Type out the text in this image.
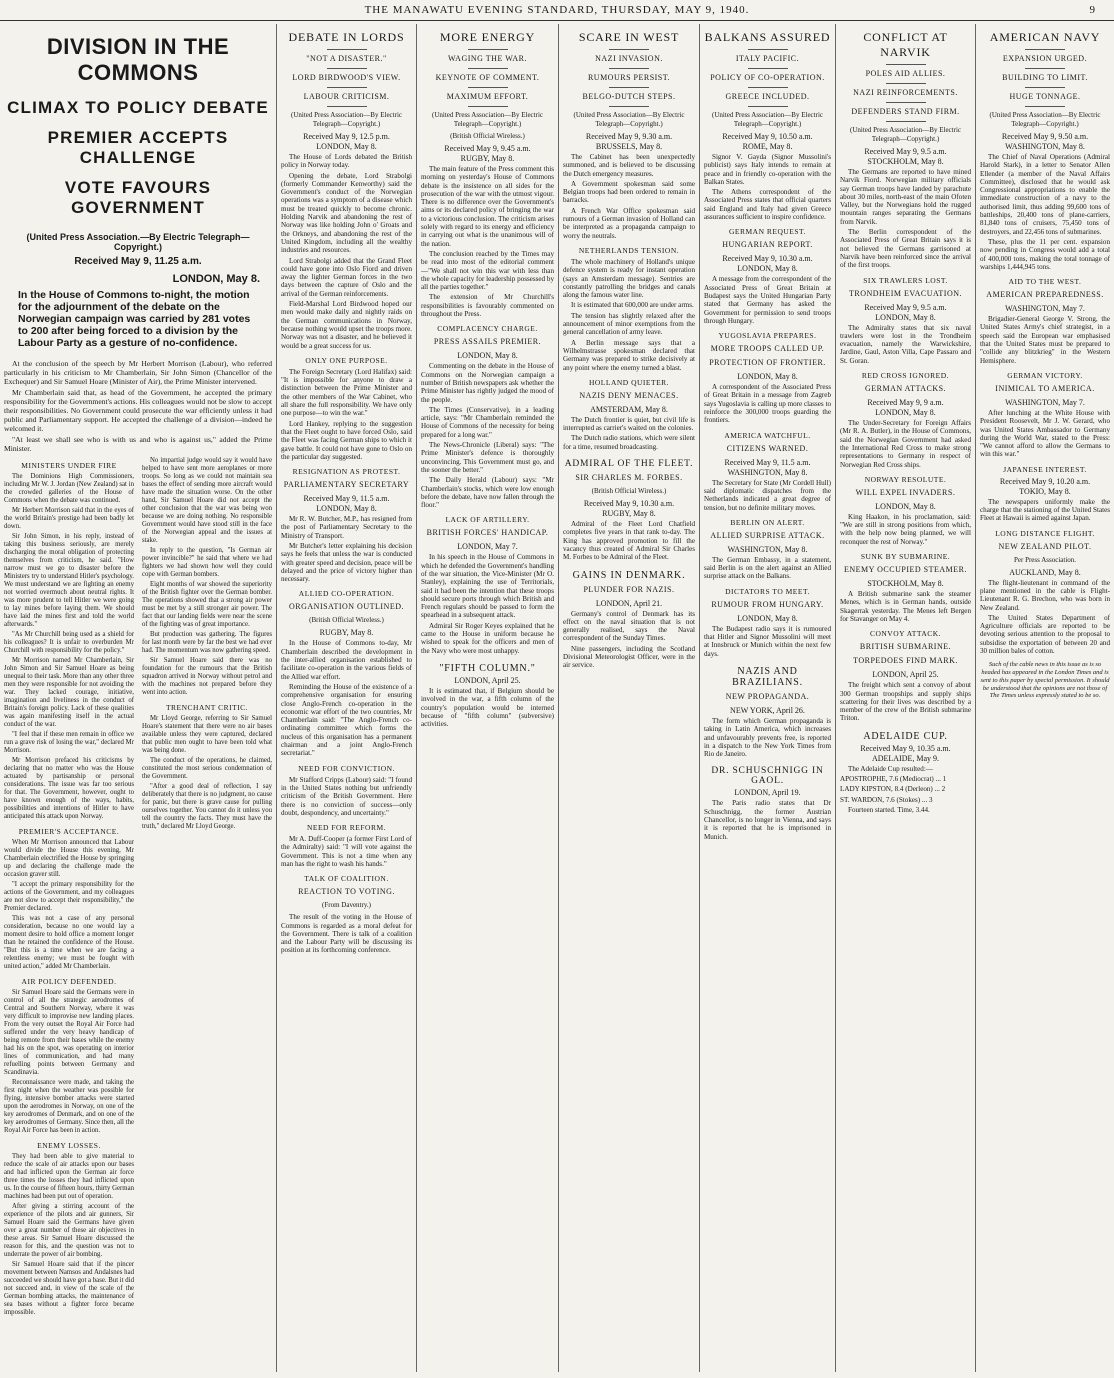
THE MANAWATU EVENING STANDARD, THURSDAY, MAY 9, 1940.	9
DIVISION IN THE COMMONS
CLIMAX TO POLICY DEBATE
PREMIER ACCEPTS CHALLENGE
VOTE FAVOURS GOVERNMENT
(United Press Association.—By Electric Telegraph—Copyright.)
Received May 9, 11.25 a.m.
LONDON, May 8.
In the House of Commons to-night, the motion for the adjournment of the debate on the Norwegian campaign was carried by 281 votes to 200 after being forced to a division by the Labour Party as a gesture of no-confidence.

At the conclusion of the speech by Mr Herbert Morrison (Labour), who referred particularly in his criticism to Mr Chamberlain, Sir John Simon (Chancellor of the Exchequer) and Sir Samuel Hoare (Minister of Air), the Prime Minister intervened.

Mr Chamberlain said that, as head of the Government, he accepted the primary responsibility for the Government's actions. His colleagues would not be slow to accept their responsibilities. No Government could prosecute the war efficiently unless it had public and Parliamentary support. He accepted the challenge of a division—indeed he welcomed it.

"At least we shall see who is with us and who is against us," added the Prime Minister.

MINISTERS UNDER FIRE

The Dominions High Commissioners, including Mr W. J. Jordan (New Zealand) sat in the crowded galleries of the House of Commons when the debate was continued.

Mr Herbert Morrison said that in the eyes of the world Britain's prestige had been badly let down.

Sir John Simon, in his reply, instead of taking this business seriously, are merely discharging the moral obligation of protecting themselves from criticism, he said. "How narrow must we go to disaster before the Ministers try to understand Hitler's psychology. We must understand we are fighting an enemy not worried overmuch about neutral rights. It was more prudent to tell Hitler we were going to lay mines before laying them. We should have laid the mines first and told the world afterwards."

"As Mr Churchill being used as a shield for his colleagues? It is unfair to overburden Mr Churchill with responsibility for the policy."

Mr Morrison named Mr Chamberlain, Sir John Simon and Sir Samuel Hoare as being unequal to their task. More than any other three men they were responsible for not avoiding the war. They lacked courage, initiative, imagination and liveliness in the conduct of Britain's foreign policy. Lack of these qualities was again manifesting itself in the actual conduct of the war.

"I feel that if these men remain in office we run a grave risk of losing the war," declared Mr Morrison.

Mr Morrison prefaced his criticisms by declaring that no matter who was the House actuated by partisanship or personal considerations. The issue was far too serious for that. The Government, however, ought to have known enough of the ways, habits, possibilities and intentions of Hitler to have anticipated this attack upon Norway.

PREMIER'S ACCEPTANCE.

When Mr Morrison announced that Labour would divide the House this evening, Mr Chamberlain electrified the House by springing up and declaring the challenge made the occasion graver still.

"I accept the primary responsibility for the actions of the Government, and my colleagues are not slow to accept their responsibility," the Premier declared.

This was not a case of any personal consideration, because no one would lay a moment desire to hold office a moment longer than he retained the confidence of the House. "But this is a time when we are facing a relentless enemy; we must be fought with united action," added Mr Chamberlain.

AIR POLICY DEFENDED.

Sir Samuel Hoare said the Germans were in control of all the strategic aerodromes of Central and Southern Norway, where it was very difficult to improvise new landing places. From the very outset the Royal Air Force had suffered under the very heavy handicap of being remote from their bases while the enemy had his on the spot, was operating on interior lines of communication, and had many refuelling points between Germany and Scandinavia.

Reconnaissance were made, and taking the first night when the weather was possible for flying, intensive bomber attacks were started upon the aerodromes in Norway, on one of the key aerodromes of Denmark, and on one of the key aerodromes of Germany. Since then, all the Royal Air Force has been in action.

ENEMY LOSSES.

They had been able to give material to reduce the scale of air attacks upon our bases and had inflicted upon the German air force three times the losses they had inflicted upon us. In the course of fifteen hours, thirty German machines had been put out of operation.

After giving a stirring account of the experience of the pilots and air gunners, Sir Samuel Hoare said the Germans have given over a great number of these air objectives in these areas. Sir Samuel Hoare discussed the reason for this, and the question was not to underrate the power of air bombing.

Sir Samuel Hoare said that if the pincer movement between Namsos and Andalsnes had succeeded we should have got a base. But it did not succeed and, in view of the scale of the German bombing attacks, the maintenance of sea bases without a fighter force became impossible.

No impartial judge would say it would have helped to have sent more aeroplanes or more troops. So long as we could not maintain sea bases the effect of sending more aircraft would have made the situation worse. On the other hand, Sir Samuel Hoare did not accept the other conclusion that the war was being won because we are doing nothing. No responsible Government would have stood still in the face of the Norwegian appeal and the issues at stake.

In reply to the question, "Is German air power invincible?" he said that where we had fighters we had shown how well they could cope with German bombers.

Eight months of war showed the superiority of the British fighter over the German bomber. The operations showed that a strong air power must be met by a still stronger air power. The fact that our landing fields were near the scene of the fighting was of great importance.

But production was gathering. The figures for last month were by far the best we had ever had. The momentum was now gathering speed.

Sir Samuel Hoare said there was no foundation for the rumours that the British squadron arrived in Norway without petrol and with the machines not prepared before they went into action.

TRENCHANT CRITIC.

Mr Lloyd George, referring to Sir Samuel Hoare's statement that there were no air bases available unless they were captured, declared that public men ought to have been told what was being done.

The conduct of the operations, he claimed, constituted the most serious condemnation of the Government.

"After a good deal of reflection, I say deliberately that there is no judgment, no cause for panic, but there is grave cause for pulling ourselves together. You cannot do it unless you tell the country the facts. They must have the truth," declared Mr Lloyd George.

DEBATE IN LORDS
"NOT A DISASTER."
LORD BIRDWOOD'S VIEW.
LABOUR CRITICISM.
(United Press Association—By Electric Telegraph—Copyright.)
Received May 9, 12.5 p.m.
LONDON, May 8.

The House of Lords debated the British policy in Norway today.

Opening the debate, Lord Strabolgi (formerly Commander Kenworthy) said the Government's conduct of the Norwegian operations was a symptom of a disease which must be treated quickly to become chronic. Holding Narvik and abandoning the rest of Norway was like holding John o' Groats and the Orkneys, and abandoning the rest of the United Kingdom, including all the wealthy industries and resources.

Lord Strabolgi added that the Grand Fleet could have gone into Oslo Fiord and driven away the lighter German forces in the two days between the capture of Oslo and the arrival of the German reinforcements.

Field-Marshal Lord Birdwood hoped our men would make daily and nightly raids on the German communications in Norway, because nothing would upset the troops more. Norway was not a disaster, and he believed it would be a great success for us.

ONLY ONE PURPOSE.

The Foreign Secretary (Lord Halifax) said: "It is impossible for anyone to draw a distinction between the Prime Minister and the other members of the War Cabinet, who all share the full responsibility. We have only one purpose—to win the war."

Lord Hankey, replying to the suggestion that the Fleet ought to have forced Oslo, said the Fleet was facing German ships to which it gave battle. It could not have gone to Oslo on the particular day suggested.

RESIGNATION AS PROTEST.
PARLIAMENTARY SECRETARY
Received May 9, 11.5 a.m.
LONDON, May 8.

Mr R. W. Butcher, M.P., has resigned from the post of Parliamentary Secretary to the Ministry of Transport.

Mr Butcher's letter explaining his decision says he feels that unless the war is conducted with greater speed and decision, peace will be delayed and the price of victory higher than necessary.

ALLIED CO-OPERATION.
ORGANISATION OUTLINED.
(British Official Wireless.)
RUGBY, May 8.

In the House of Commons to-day, Mr Chamberlain described the development in the inter-allied organisation established to facilitate co-operation in the various fields of the Allied war effort.

Reminding the House of the existence of a comprehensive organisation for ensuring close Anglo-French co-operation in the economic war effort of the two countries, Mr Chamberlain said: "The Anglo-French co-ordinating committee which forms the nucleus of this organisation has a permanent chairman and a joint Anglo-French secretariat."

NEED FOR CONVICTION.

Mr Stafford Cripps (Labour) said: "I found in the United States nothing but unfriendly criticism of the British Government. Here there is no conviction of success—only doubt, despondency, and uncertainty."

NEED FOR REFORM.

Mr A. Duff-Cooper (a former First Lord of the Admiralty) said: "I will vote against the Government. This is not a time when any man has the right to wash his hands."

TALK OF COALITION.
REACTION TO VOTING.
(From Daventry.)

The result of the voting in the House of Commons is regarded as a moral defeat for the Government. There is talk of a coalition and the Labour Party will be discussing its position at its forthcoming conference.

MORE ENERGY
WAGING THE WAR.
KEYNOTE OF COMMENT.
MAXIMUM EFFORT.
(United Press Association—By Electric Telegraph—Copyright.)
(British Official Wireless.)
Received May 9, 9.45 a.m.
RUGBY, May 8.

The main feature of the Press comment this morning on yesterday's House of Commons debate is the insistence on all sides for the prosecution of the war with the utmost vigour. There is no difference over the Government's aims or its declared policy of bringing the war to a victorious conclusion. The criticism arises solely with regard to its energy and efficiency in carrying out what is the unanimous will of the nation.

The conclusion reached by the Times may be read into most of the editorial comment—"We shall not win this war with less than the whole capacity for leadership possessed by all the parties together."

The extension of Mr Churchill's responsibilities is favourably commented on throughout the Press.

COMPLACENCY CHARGE.
PRESS ASSAILS PREMIER.
LONDON, May 8.

Commenting on the debate in the House of Commons on the Norwegian campaign a number of British newspapers ask whether the Prime Minister has rightly judged the mood of the people.

The Times (Conservative), in a leading article, says: "Mr Chamberlain reminded the House of Commons of the necessity for being prepared for a long war."

The News-Chronicle (Liberal) says: "The Prime Minister's defence is thoroughly unconvincing. This Government must go, and the sooner the better."

The Daily Herald (Labour) says: "Mr Chamberlain's stocks, which were low enough before the debate, have now fallen through the floor."

LACK OF ARTILLERY.
BRITISH FORCES' HANDICAP.
LONDON, May 7.

In his speech in the House of Commons in which he defended the Government's handling of the war situation, the Vice-Minister (Mr O. Stanley), explaining the use of Territorials, said it had been the intention that these troops should secure ports through which British and French regulars should be passed to form the spearhead in a subsequent attack.

Admiral Sir Roger Keyes explained that he came to the House in uniform because he wished to speak for the officers and men of the Navy who were most unhappy.

"FIFTH COLUMN."
LONDON, April 25.

It is estimated that, if Belgium should be involved in the war, a fifth column of the country's population would be interned because of "fifth column" (subversive) activities.

SCARE IN WEST
NAZI INVASION.
RUMOURS PERSIST.
BELGO-DUTCH STEPS.
(United Press Association—By Electric Telegraph—Copyright.)
Received May 9, 9.30 a.m.
BRUSSELS, May 8.

The Cabinet has been unexpectedly summoned, and is believed to be discussing the Dutch emergency measures.

A Government spokesman said some Belgian troops had been ordered to remain in barracks.

A French War Office spokesman said rumours of a German invasion of Holland can be interpreted as a propaganda campaign to worry the neutrals.

NETHERLANDS TENSION.

The whole machinery of Holland's unique defence system is ready for instant operation (says an Amsterdam message). Sentries are constantly patrolling the bridges and canals along the famous water line.

It is estimated that 600,000 are under arms.

The tension has slightly relaxed after the announcement of minor exemptions from the general cancellation of army leave.

A Berlin message says that a Wilhelmstrasse spokesman declared that Germany was prepared to strike decisively at any point where the enemy turned a blast.

HOLLAND QUIETER.
NAZIS DENY MENACES.
AMSTERDAM, May 8.

The Dutch frontier is quiet, but civil life is interrupted as carrier's waited on the colonies.

The Dutch radio stations, which were silent for a time, resumed broadcasting.

ADMIRAL OF THE FLEET.
SIR CHARLES M. FORBES.
(British Official Wireless.)
Received May 9, 10.30 a.m.
RUGBY, May 8.

Admiral of the Fleet Lord Chatfield completes five years in that rank to-day. The King has approved promotion to fill the vacancy thus created of Admiral Sir Charles M. Forbes to be Admiral of the Fleet.

GAINS IN DENMARK.
PLUNDER FOR NAZIS.
LONDON, April 21.

Germany's control of Denmark has its effect on the naval situation that is not generally realised, says the Naval correspondent of the Sunday Times.

Nine passengers, including the Scotland Divisional Meteorologist Officer, were in the air service.

BALKANS ASSURED
ITALY PACIFIC.
POLICY OF CO-OPERATION.
GREECE INCLUDED.
(United Press Association—By Electric Telegraph—Copyright.)
Received May 9, 10.50 a.m.
ROME, May 8.

Signor V. Gayda (Signor Mussolini's publicist) says Italy intends to remain at peace and in friendly co-operation with the Balkan States.

The Athens correspondent of the Associated Press states that official quarters said England and Italy had given Greece assurances sufficient to inspire confidence.

GERMAN REQUEST.
HUNGARIAN REPORT.
Received May 9, 10.30 a.m.
LONDON, May 8.

A message from the correspondent of the Associated Press of Great Britain at Budapest says the United Hungarian Party stated that Germany has asked the Government for permission to send troops through Hungary.

YUGOSLAVIA PREPARES.
MORE TROOPS CALLED UP.
PROTECTION OF FRONTIER.
LONDON, May 8.

A correspondent of the Associated Press of Great Britain in a message from Zagreb says Yugoslavia is calling up more classes to reinforce the 300,000 troops guarding the frontiers.

AMERICA WATCHFUL.
CITIZENS WARNED.
Received May 9, 11.5 a.m.
WASHINGTON, May 8.

The Secretary for State (Mr Cordell Hull) said diplomatic dispatches from the Netherlands indicated a great degree of tension, but no definite military moves.

BERLIN ON ALERT.
ALLIED SURPRISE ATTACK.
WASHINGTON, May 8.

The German Embassy, in a statement, said Berlin is on the alert against an Allied surprise attack on the Balkans.

DICTATORS TO MEET.
RUMOUR FROM HUNGARY.
LONDON, May 8.

The Budapest radio says it is rumoured that Hitler and Signor Mussolini will meet at Innsbruck or Munich within the next few days.

NAZIS AND BRAZILIANS.
NEW PROPAGANDA.
NEW YORK, April 26.

The form which German propaganda is taking in Latin America, which increases and unfavourably prevents free, is reported in a dispatch to the New York Times from Rio de Janeiro.

DR. SCHUSCHNIGG IN GAOL.
LONDON, April 19.

The Paris radio states that Dr Schuschnigg, the former Austrian Chancellor, is no longer in Vienna, and says it is reported that he is imprisoned in Munich.

CONFLICT AT NARVIK
POLES AID ALLIES.
NAZI REINFORCEMENTS.
DEFENDERS STAND FIRM.
(United Press Association—By Electric Telegraph—Copyright.)
Received May 9, 9.5 a.m.
STOCKHOLM, May 8.

The Germans are reported to have mined Narvik Fiord. Norwegian military officials say German troops have landed by parachute about 30 miles, north-east of the main Ofoten Valley, but the Norwegians hold the rugged mountain ranges separating the Germans from Narvik.

The Berlin correspondent of the Associated Press of Great Britain says it is not believed the Germans garrisoned at Narvik have been reinforced since the arrival of the first troops.

SIX TRAWLERS LOST.
TRONDHEIM EVACUATION.
Received May 9, 9.5 a.m.
LONDON, May 8.

The Admiralty states that six naval trawlers were lost in the Trondheim evacuation, namely the Warwickshire, Jardine, Gaul, Aston Villa, Cape Passaro and St. Goran.

RED CROSS IGNORED.
GERMAN ATTACKS.
Received May 9, 9 a.m.
LONDON, May 8.

The Under-Secretary for Foreign Affairs (Mr R. A. Butler), in the House of Commons, said the Norwegian Government had asked the International Red Cross to make strong representations to Germany in respect of Norwegian Red Cross ships.

NORWAY RESOLUTE.
WILL EXPEL INVADERS.
LONDON, May 8.

King Haakon, in his proclamation, said: "We are still in strong positions from which, with the help now being planned, we will reconquer the rest of Norway."

SUNK BY SUBMARINE.
ENEMY OCCUPIED STEAMER.
STOCKHOLM, May 8.

A British submarine sank the steamer Menes, which is in German hands, outside Skagerrak yesterday. The Menes left Bergen for Stavanger on May 4.

CONVOY ATTACK.
BRITISH SUBMARINE.
TORPEDOES FIND MARK.
LONDON, April 25.

The freight which sent a convoy of about 300 German troopships and supply ships scattering for their lives was described by a member of the crew of the British submarine Triton.

ADELAIDE CUP.
Received May 9, 10.35 a.m.
ADELAIDE, May 9.

The Adelaide Cup resulted:—

APOSTROPHE, 7.6 (Mediocrat) ... 1

LADY KIPSTON, 8.4 (Derleon) ... 2

ST. WARDON, 7.6 (Stokes) ... 3

Fourteen started. Time, 3.44.

AMERICAN NAVY
EXPANSION URGED.
BUILDING TO LIMIT.
HUGE TONNAGE.
(United Press Association—By Electric Telegraph—Copyright.)
Received May 9, 9.50 a.m.
WASHINGTON, May 8.

The Chief of Naval Operations (Admiral Harold Stark), in a letter to Senator Allen Ellender (a member of the Naval Affairs Committee), disclosed that he would ask Congressional appropriations to enable the immediate construction of a navy to the authorised limit, thus adding 99,600 tons of battleships, 20,400 tons of plane-carriers, 81,840 tons of cruisers, 75,450 tons of destroyers, and 22,456 tons of submarines.

These, plus the 11 per cent. expansion now pending in Congress would add a total of 400,000 tons, making the total tonnage of warships 1,444,945 tons.

AID TO THE WEST.
AMERICAN PREPAREDNESS.
WASHINGTON, May 7.

Brigadier-General George V. Strong, the United States Army's chief strategist, in a speech said the European war emphasised that the United States must be prepared to "collide any blitzkrieg" in the Western Hemisphere.

GERMAN VICTORY.
INIMICAL TO AMERICA.
WASHINGTON, May 7.

After lunching at the White House with President Roosevelt, Mr J. W. Gerard, who was United States Ambassador to Germany during the World War, stated to the Press: "We cannot afford to allow the Germans to win this war."

JAPANESE INTEREST.
Received May 9, 10.20 a.m.
TOKIO, May 8.

The newspapers uniformly make the charge that the stationing of the United States Fleet at Hawaii is aimed against Japan.

LONG DISTANCE FLIGHT.
NEW ZEALAND PILOT.
Per Press Association.
AUCKLAND, May 8.

The flight-lieutenant in command of the plane mentioned in the cable is Flight-Lieutenant R. G. Brechon, who was born in New Zealand.

The United States Department of Agriculture officials are reported to be devoting serious attention to the proposal to subsidise the exportation of between 20 and 30 million bales of cotton.

Such of the cable news in this issue as is so headed has appeared in the London Times and is sent to this paper by special permission. It should be understood that the opinions are not those of The Times unless expressly stated to be so.
